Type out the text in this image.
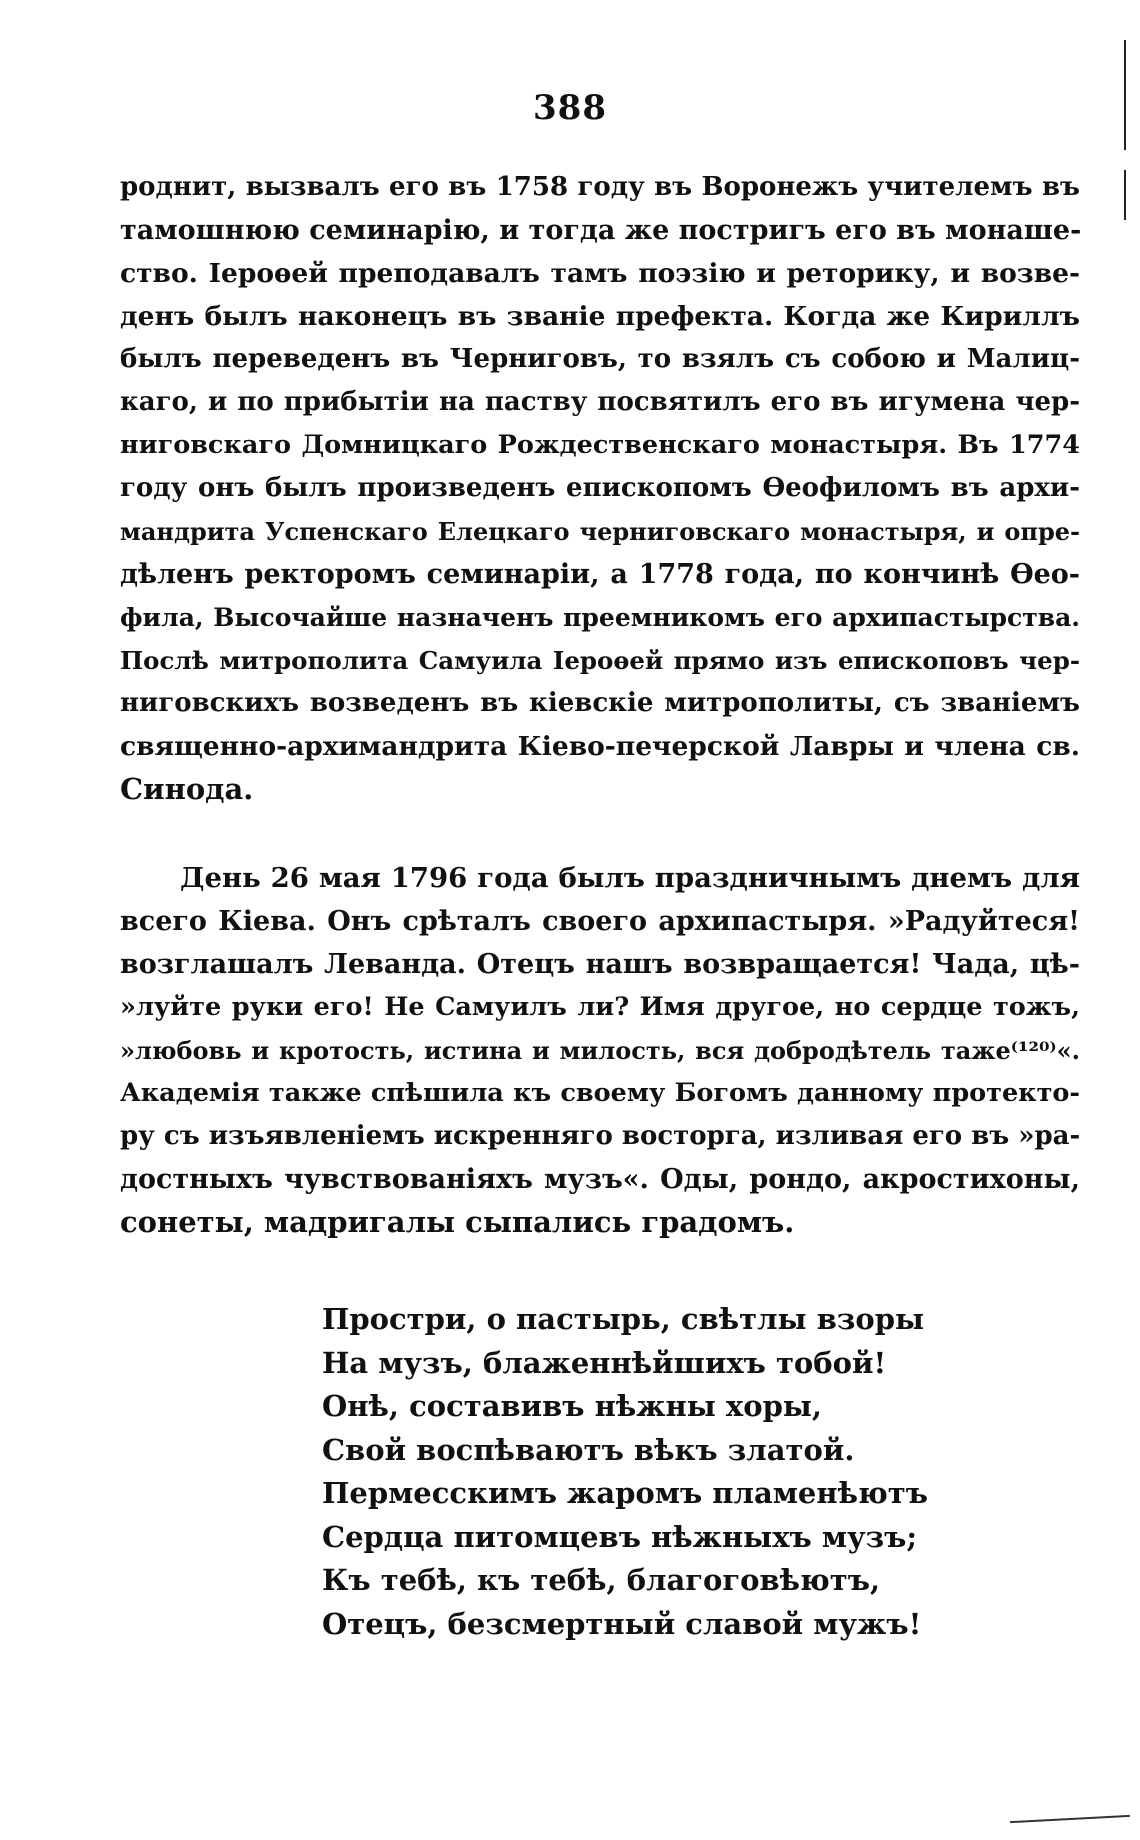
388
роднит, вызвалъ его въ 1758 году въ Воронежъ учителемъ въ
тамошнюю семинарію, и тогда же постригъ его въ монаше-
ство. Іероѳей преподавалъ тамъ поэзію и реторику, и возве-
денъ былъ наконецъ въ званіе префекта. Когда же Кириллъ
былъ переведенъ въ Черниговъ, то взялъ съ собою и Малиц-
каго, и по прибытіи на паству посвятилъ его въ игумена чер-
ниговскаго Домницкаго Рождественскаго монастыря. Въ 1774
году онъ былъ произведенъ епископомъ Ѳеофиломъ въ архи-
мандрита Успенскаго Елецкаго черниговскаго монастыря, и опре-
дѣленъ ректоромъ семинаріи, а 1778 года, по кончинѣ Ѳео-
фила, Высочайше назначенъ преемникомъ его архипастырства.
Послѣ митрополита Самуила Іероѳей прямо изъ епископовъ чер-
ниговскихъ возведенъ въ кіевскіе митрополиты, съ званіемъ
священно-архимандрита Кіево-печерской Лавры и члена св.
Синода.
День 26 мая 1796 года былъ праздничнымъ днемъ для
всего Кіева. Онъ срѣталъ своего архипастыря. »Радуйтеся!
возглашалъ Леванда. Отецъ нашъ возвращается! Чада, цѣ-
»луйте руки его! Не Самуилъ ли? Имя другое, но сердце тожъ,
»любовь и кротость, истина и милость, вся добродѣтель таже⁽¹²⁰⁾«.
Академія также спѣшила къ своему Богомъ данному протекто-
ру съ изъявленіемъ искренняго восторга, изливая его въ »ра-
достныхъ чувствованіяхъ музъ«. Оды, рондо, акростихоны,
сонеты, мадригалы сыпались градомъ.
Простри, о пастырь, свѣтлы взоры
На музъ, блаженнѣйшихъ тобой!
Онѣ, составивъ нѣжны хоры,
Свой воспѣваютъ вѣкъ златой.
Пермесскимъ жаромъ пламенѣютъ
Сердца питомцевъ нѣжныхъ музъ;
Къ тебѣ, къ тебѣ, благоговѣютъ,
Отецъ, безсмертный славой мужъ!
